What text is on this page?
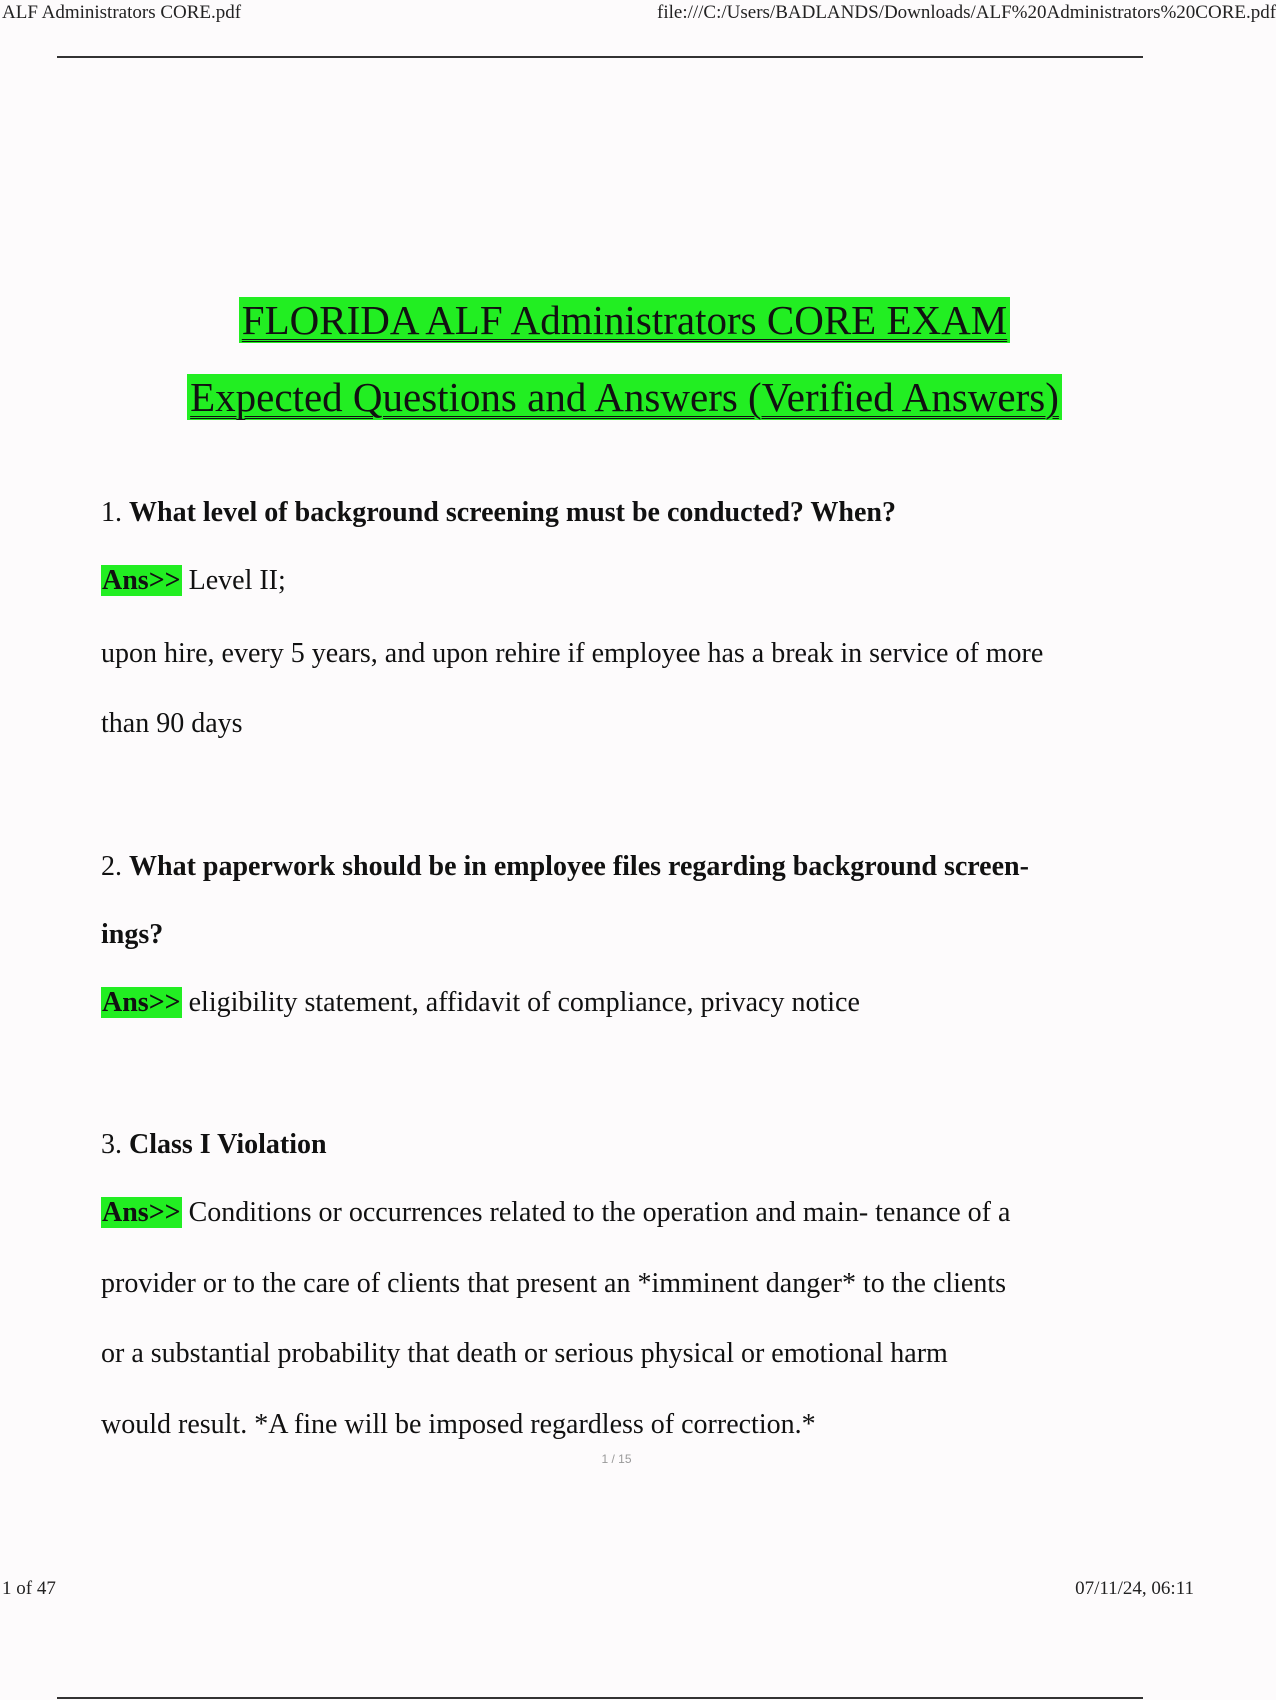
ALF Administrators CORE.pdf	file:///C:/Users/BADLANDS/Downloads/ALF%20Administrators%20CORE.pdf
FLORIDA ALF Administrators CORE EXAM
Expected Questions and Answers (Verified Answers)
1. What level of background screening must be conducted? When?
Ans>> Level II;
upon hire, every 5 years, and upon rehire if employee has a break in service of more
than 90 days
2. What paperwork should be in employee files regarding background screen-
ings?
Ans>> eligibility statement, affidavit of compliance, privacy notice
3. Class I Violation
Ans>> Conditions or occurrences related to the operation and main- tenance of a
provider or to the care of clients that present an *imminent danger* to the clients
or a substantial probability that death or serious physical or emotional harm
would result. *A fine will be imposed regardless of correction.*
1 / 15
1 of 47	07/11/24, 06:11
